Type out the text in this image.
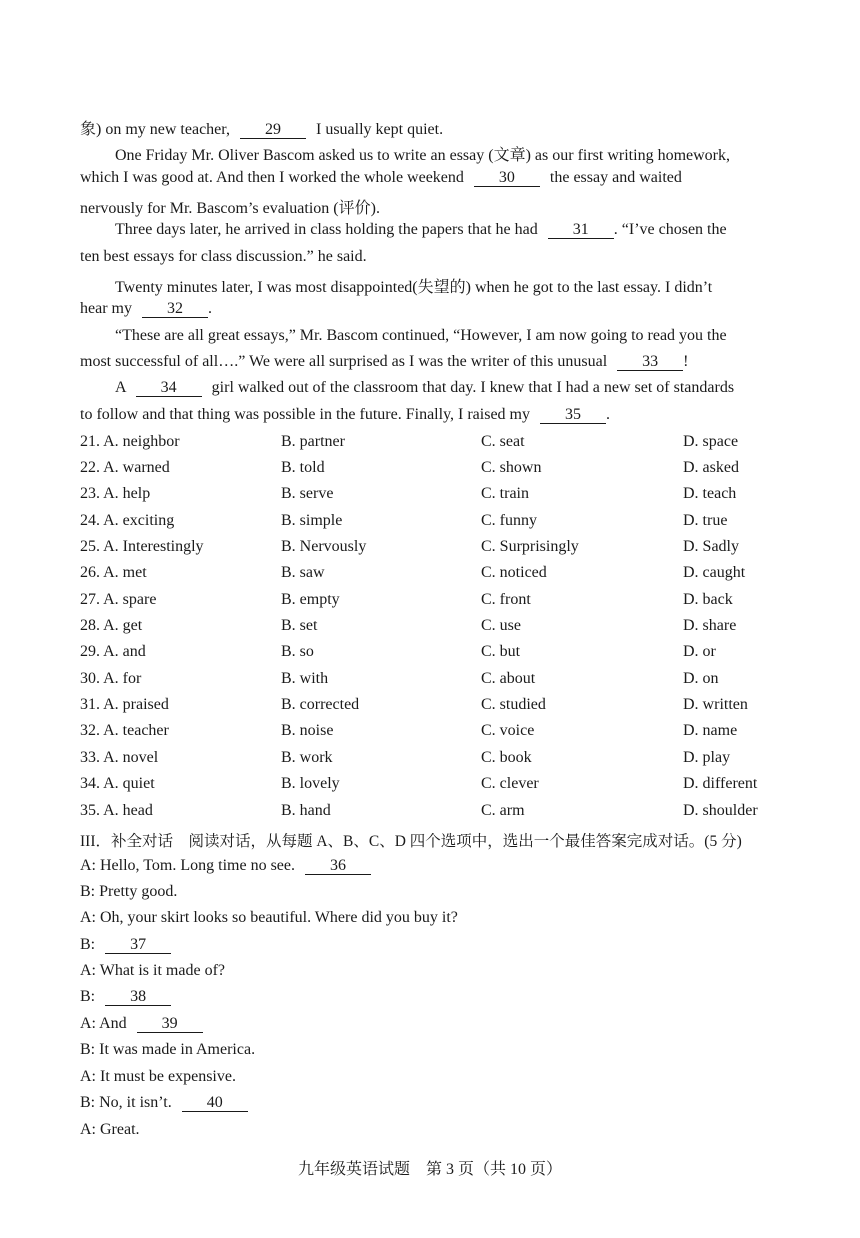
象) on my new teacher, 29 I usually kept quiet.
One Friday Mr. Oliver Bascom asked us to write an essay (文章) as our first writing homework,
which I was good at. And then I worked the whole weekend 30 the essay and waited
nervously for Mr. Bascom’s evaluation (评价).
Three days later, he arrived in class holding the papers that he had 31 . “I’ve chosen the
ten best essays for class discussion.” he said.
Twenty minutes later, I was most disappointed(失望的) when he got to the last essay. I didn’t
hear my 32 .
“These are all great essays,” Mr. Bascom continued, “However, I am now going to read you the
most successful of all….” We were all surprised as I was the writer of this unusual 33 !
A 34 girl walked out of the classroom that day. I knew that I had a new set of standards
to follow and that thing was possible in the future. Finally, I raised my 35 .
21. A. neighbor	B. partner	C. seat	D. space
22. A. warned	B. told	C. shown	D. asked
23. A. help	B. serve	C. train	D. teach
24. A. exciting	B. simple	C. funny	D. true
25. A. Interestingly	B. Nervously	C. Surprisingly	D. Sadly
26. A. met	B. saw	C. noticed	D. caught
27. A. spare	B. empty	C. front	D. back
28. A. get	B. set	C. use	D. share
29. A. and	B. so	C. but	D. or
30. A. for	B. with	C. about	D. on
31. A. praised	B. corrected	C. studied	D. written
32. A. teacher	B. noise	C. voice	D. name
33. A. novel	B. work	C. book	D. play
34. A. quiet	B. lovely	C. clever	D. different
35. A. head	B. hand	C. arm	D. shoulder
III．补全对话　阅读对话，从每题 A、B、C、D 四个选项中，选出一个最佳答案完成对话。(5 分)
A: Hello, Tom. Long time no see. 36
B: Pretty good.
A: Oh, your skirt looks so beautiful. Where did you buy it?
B: 37
A: What is it made of?
B: 38
A: And 39
B: It was made in America.
A: It must be expensive.
B: No, it isn’t. 40
A: Great.
九年级英语试题　第 3 页（共 10 页）
